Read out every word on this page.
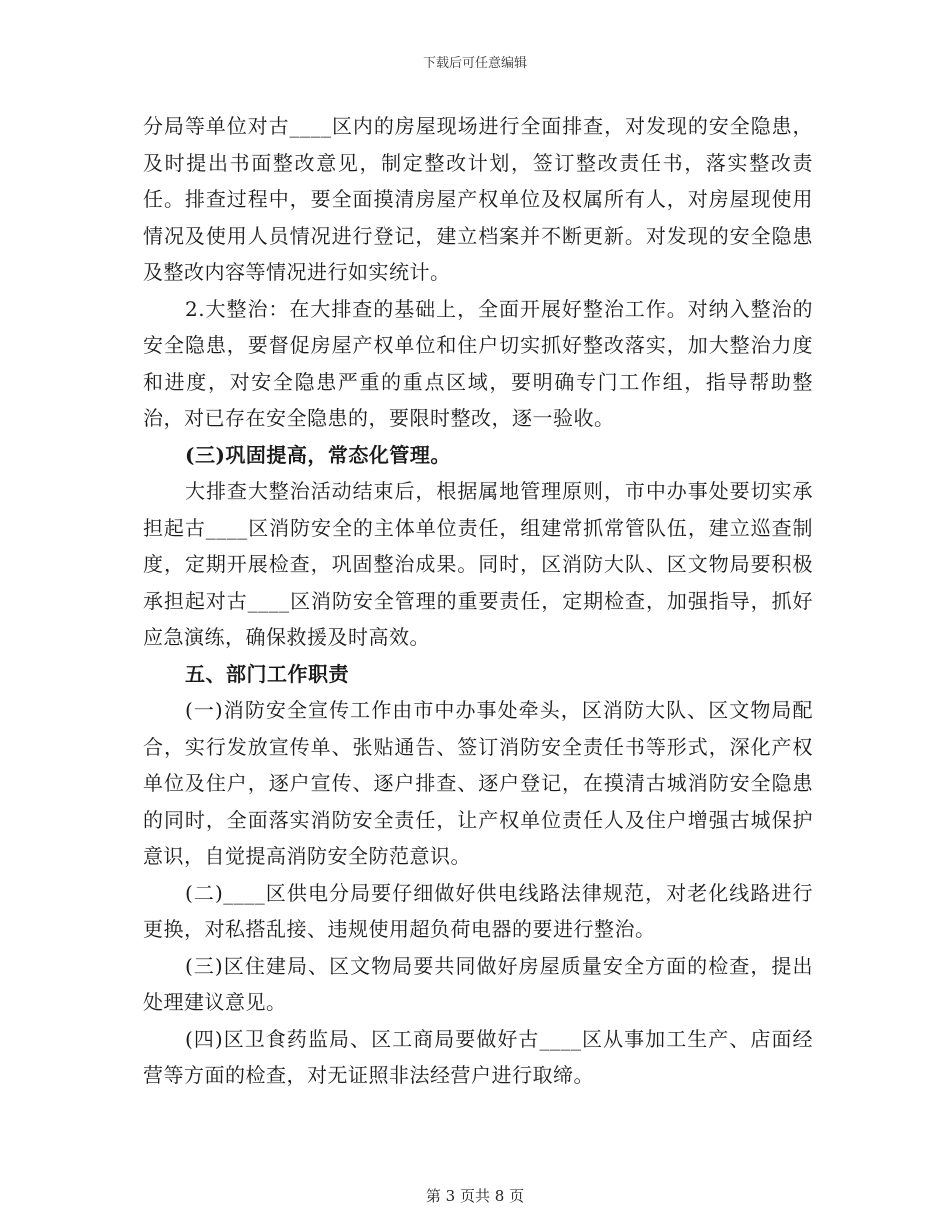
下载后可任意编辑

分局等单位对古____区内的房屋现场进行全面排查，对发现的安全隐患，及时提出书面整改意见，制定整改计划，签订整改责任书，落实整改责任。排查过程中，要全面摸清房屋产权单位及权属所有人，对房屋现使用情况及使用人员情况进行登记，建立档案并不断更新。对发现的安全隐患及整改内容等情况进行如实统计。

2.大整治：在大排查的基础上，全面开展好整治工作。对纳入整治的安全隐患，要督促房屋产权单位和住户切实抓好整改落实，加大整治力度和进度，对安全隐患严重的重点区域，要明确专门工作组，指导帮助整治，对已存在安全隐患的，要限时整改，逐一验收。

(三)巩固提高，常态化管理。

大排查大整治活动结束后，根据属地管理原则，市中办事处要切实承担起古____区消防安全的主体单位责任，组建常抓常管队伍，建立巡查制度，定期开展检查，巩固整治成果。同时，区消防大队、区文物局要积极承担起对古____区消防安全管理的重要责任，定期检查，加强指导，抓好应急演练，确保救援及时高效。

五、部门工作职责

(一)消防安全宣传工作由市中办事处牵头，区消防大队、区文物局配合，实行发放宣传单、张贴通告、签订消防安全责任书等形式，深化产权单位及住户，逐户宣传、逐户排查、逐户登记，在摸清古城消防安全隐患的同时，全面落实消防安全责任，让产权单位责任人及住户增强古城保护意识，自觉提高消防安全防范意识。

(二)____区供电分局要仔细做好供电线路法律规范，对老化线路进行更换，对私搭乱接、违规使用超负荷电器的要进行整治。

(三)区住建局、区文物局要共同做好房屋质量安全方面的检查，提出处理建议意见。

(四)区卫食药监局、区工商局要做好古____区从事加工生产、店面经营等方面的检查，对无证照非法经营户进行取缔。

第 3 页共 8 页
